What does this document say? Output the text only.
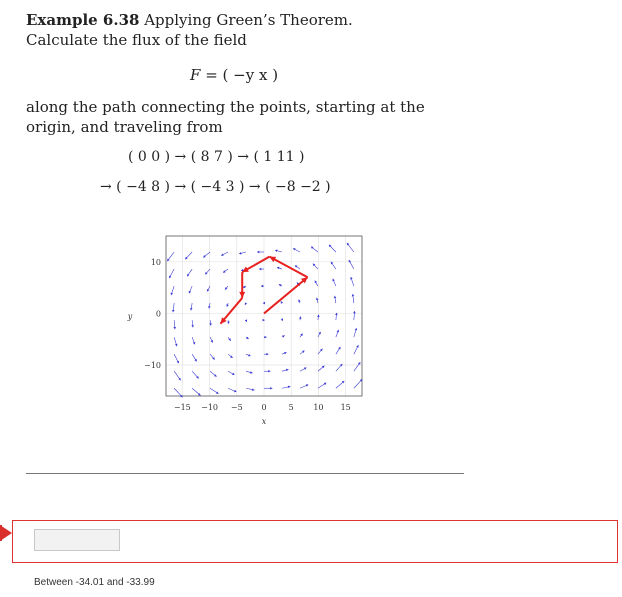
Example 6.38 Applying Green’s Theorem.
Calculate the flux of the field
F = ( −y x )
along the path connecting the points, starting at the origin, and traveling from
( 0 0 ) → ( 8 7 ) → ( 1 11 )
→ ( −4 8 ) → ( −4 3 ) → ( −8 −2 )
−15 −10 −5 0	5 10 15
−10
0
10
x
y
Between -34.01 and -33.99
